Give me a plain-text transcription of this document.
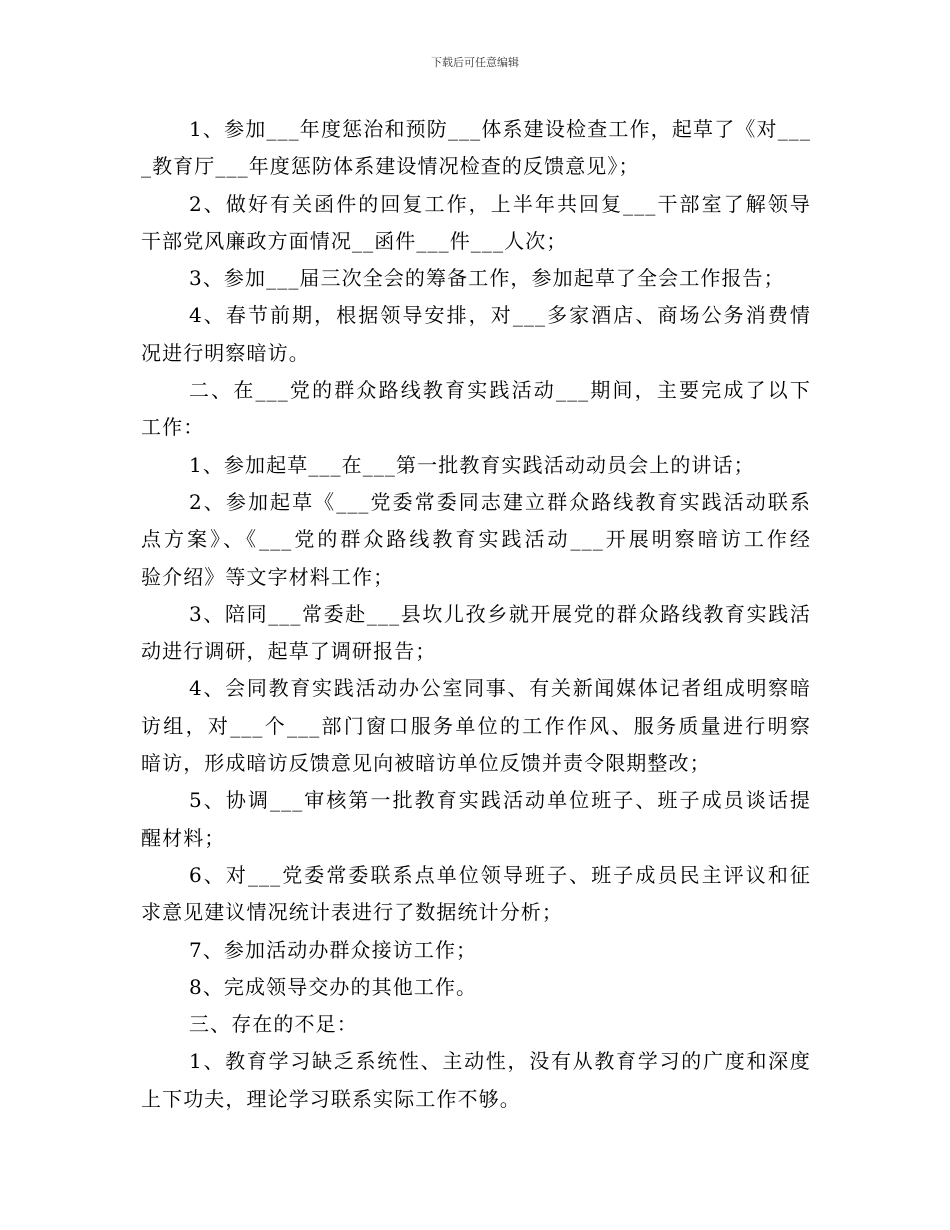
下载后可任意编辑
1、参加___年度惩治和预防___体系建设检查工作，起草了《对___
_教育厅___年度惩防体系建设情况检查的反馈意见》；
2、做好有关函件的回复工作，上半年共回复___干部室了解领导
干部党风廉政方面情况__函件___件___人次；
3、参加___届三次全会的筹备工作，参加起草了全会工作报告；
4、春节前期，根据领导安排，对___多家酒店、商场公务消费情
况进行明察暗访。
二、在___党的群众路线教育实践活动___期间，主要完成了以下
工作：
1、参加起草___在___第一批教育实践活动动员会上的讲话；
2、参加起草《___党委常委同志建立群众路线教育实践活动联系
点方案》、《___党的群众路线教育实践活动___开展明察暗访工作经
验介绍》等文字材料工作；
3、陪同___常委赴___县坎儿孜乡就开展党的群众路线教育实践活
动进行调研，起草了调研报告；
4、会同教育实践活动办公室同事、有关新闻媒体记者组成明察暗
访组，对___个___部门窗口服务单位的工作作风、服务质量进行明察
暗访，形成暗访反馈意见向被暗访单位反馈并责令限期整改；
5、协调___审核第一批教育实践活动单位班子、班子成员谈话提
醒材料；
6、对___党委常委联系点单位领导班子、班子成员民主评议和征
求意见建议情况统计表进行了数据统计分析；
7、参加活动办群众接访工作；
8、完成领导交办的其他工作。
三、存在的不足：
1、教育学习缺乏系统性、主动性，没有从教育学习的广度和深度
上下功夫，理论学习联系实际工作不够。
